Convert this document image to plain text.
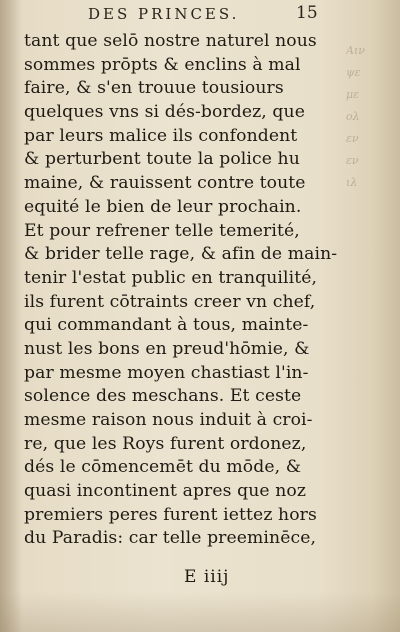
DES PRINCES.	15
Αιν
ψε
με
ολ
εν
εν
ιλ
tant que selō nostre naturel nous
sommes prōpts & enclins à mal
faire, & s'en trouue tousiours
quelques vns si dés-bordez, que
par leurs malice ils confondent
& perturbent toute la police hu
maine, & rauissent contre toute
equité le bien de leur prochain.
Et pour refrener telle temerité,
& brider telle rage, & afin de main-
tenir l'estat public en tranquilité,
ils furent cōtraints creer vn chef,
qui commandant à tous, mainte-
nust les bons en preud'hōmie, &
par mesme moyen chastiast l'in-
solence des meschans. Et ceste
mesme raison nous induit à croi-
re, que les Roys furent ordonez,
dés le cōmencemēt du mōde, &
quasi incontinent apres que noz
premiers peres furent iettez hors
du Paradis: car telle preeminēce,
E iiij
